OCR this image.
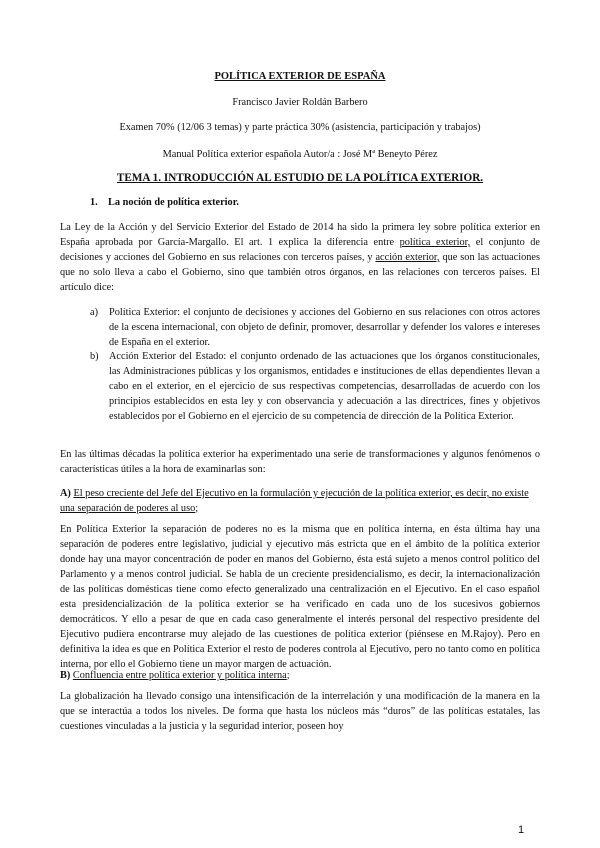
POLÍTICA EXTERIOR DE ESPAÑA
Francisco Javier Roldán Barbero
Examen 70% (12/06 3 temas) y parte práctica 30% (asistencia, participación y trabajos)
Manual Política exterior española Autor/a : José Mª Beneyto Pérez
TEMA 1. INTRODUCCIÓN AL ESTUDIO DE LA POLÍTICA EXTERIOR.
1. La noción de política exterior.

La Ley de la Acción y del Servicio Exterior del Estado de 2014 ha sido la primera ley sobre política exterior en España aprobada por García-Margallo. El art. 1 explica la diferencia entre política exterior, el conjunto de decisiones y acciones del Gobierno en sus relaciones con terceros países, y acción exterior, que son las actuaciones que no solo lleva a cabo el Gobierno, sino que también otros órganos, en las relaciones con terceros países. El artículo dice:

a) Política Exterior: el conjunto de decisiones y acciones del Gobierno en sus relaciones con otros actores de la escena internacional, con objeto de definir, promover, desarrollar y defender los valores e intereses de España en el exterior.

b) Acción Exterior del Estado: el conjunto ordenado de las actuaciones que los órganos constitucionales, las Administraciones públicas y los organismos, entidades e instituciones de ellas dependientes llevan a cabo en el exterior, en el ejercicio de sus respectivas competencias, desarrolladas de acuerdo con los principios establecidos en esta ley y con observancia y adecuación a las directrices, fines y objetivos establecidos por el Gobierno en el ejercicio de su competencia de dirección de la Política Exterior.

En las últimas décadas la política exterior ha experimentado una serie de transformaciones y algunos fenómenos o características útiles a la hora de examinarlas son:

A) El peso creciente del Jefe del Ejecutivo en la formulación y ejecución de la política exterior, es decir, no existe una separación de poderes al uso;

En Política Exterior la separación de poderes no es la misma que en política interna, en ésta última hay una separación de poderes entre legislativo, judicial y ejecutivo más estricta que en el ámbito de la política exterior donde hay una mayor concentración de poder en manos del Gobierno, ésta está sujeto a menos control político del Parlamento y a menos control judicial. Se habla de un creciente presidencialismo, es decir, la internacionalización de las políticas domésticas tiene como efecto generalizado una centralización en el Ejecutivo. En el caso español esta presidencialización de la política exterior se ha verificado en cada uno de los sucesivos gobiernos democráticos. Y ello a pesar de que en cada caso generalmente el interés personal del respectivo presidente del Ejecutivo pudiera encontrarse muy alejado de las cuestiones de política exterior (piénsese en M.Rajoy). Pero en definitiva la idea es que en Política Exterior el resto de poderes controla al Ejecutivo, pero no tanto como en política interna, por ello el Gobierno tiene un mayor margen de actuación.

B) Confluencia entre política exterior y política interna;

La globalización ha llevado consigo una intensificación de la interrelación y una modificación de la manera en la que se interactúa a todos los niveles. De forma que hasta los núcleos más “duros” de las políticas estatales, las cuestiones vinculadas a la justicia y la seguridad interior, poseen hoy

1
